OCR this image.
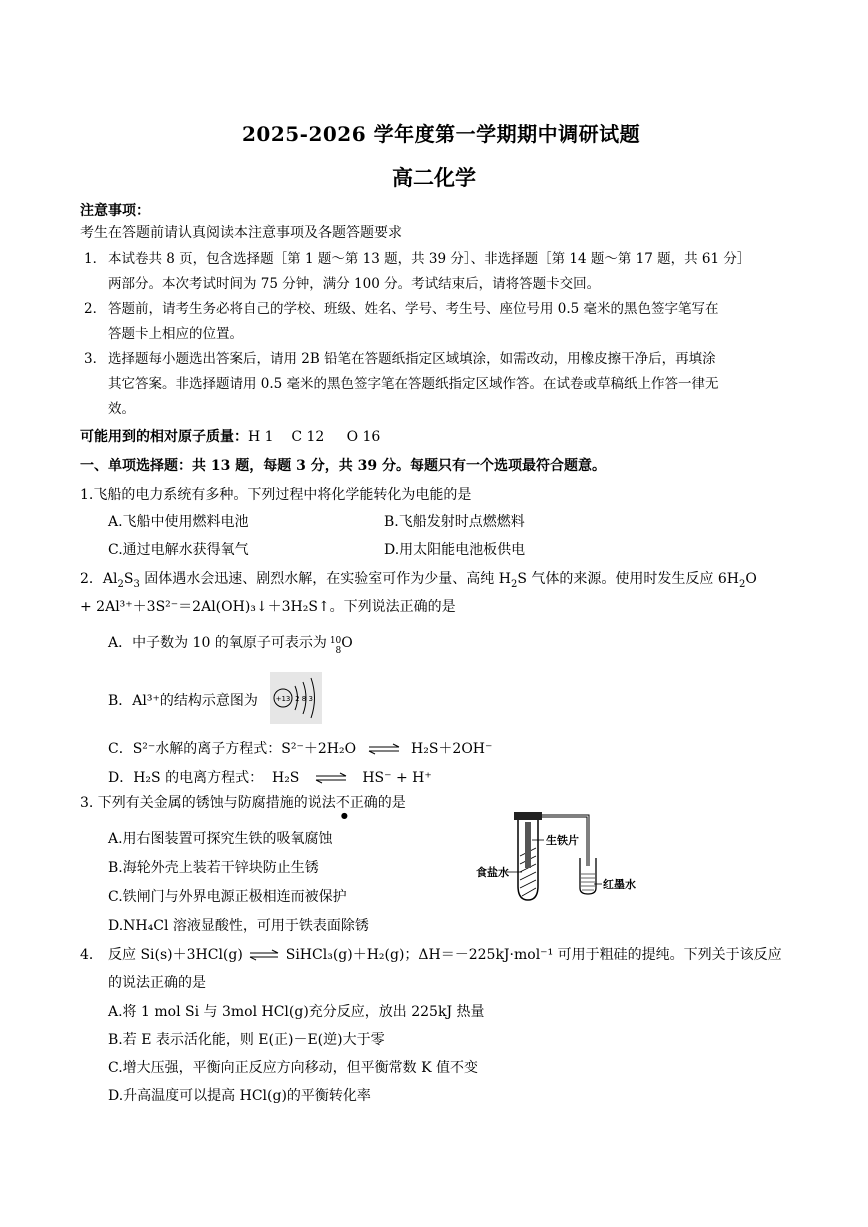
2025-2026 学年度第一学期期中调研试题
高二化学
注意事项：
考生在答题前请认真阅读本注意事项及各题答题要求
1． 本试卷共 8 页，包含选择题［第 1 题～第 13 题，共 39 分］、非选择题［第 14 题～第 17 题，共 61 分］
两部分。本次考试时间为 75 分钟，满分 100 分。考试结束后，请将答题卡交回。
2． 答题前，请考生务必将自己的学校、班级、姓名、学号、考生号、座位号用 0.5 毫米的黑色签字笔写在
答题卡上相应的位置。
3． 选择题每小题选出答案后，请用 2B 铅笔在答题纸指定区域填涂，如需改动，用橡皮擦干净后，再填涂
其它答案。非选择题请用 0.5 毫米的黑色签字笔在答题纸指定区域作答。在试卷或草稿纸上作答一律无
效。
可能用到的相对原子质量：H 1    C 12     O 16
一、单项选择题：共 13 题，每题 3 分，共 39 分。每题只有一个选项最符合题意。
1.飞船的电力系统有多种。下列过程中将化学能转化为电能的是
A.飞船中使用燃料电池	B.飞船发射时点燃燃料
C.通过电解水获得氧气	D.用太阳能电池板供电
2．$Al_2S_3$ 固体遇水会迅速、剧烈水解，在实验室可作为少量、高纯 $H_2S$ 气体的来源。使用时发生反应 $6H_2O$
+ 2Al³⁺＋3S²⁻＝2Al(OH)₃↓＋3H₂S↑。下列说法正确的是
A．中子数为 10 的氧原子可表示为 10
8 O
B．Al³⁺的结构示意图为	+13 2 8 3
C．S²⁻水解的离子方程式：S²⁻＋2H₂O ⇌ H₂S＋2OH⁻
D．H₂S 的电离方程式：  H₂S ⇌ HS⁻ + H⁺
3. 下列有关金属的锈蚀与防腐措施的说法不
●
正确的是
A.用右图装置可探究生铁的吸氧腐蚀
B.海轮外壳上装若干锌块防止生锈
C.铁闸门与外界电源正极相连而被保护
D.NH₄Cl 溶液显酸性，可用于铁表面除锈
生铁片
食盐水
红墨水
4． 反应 Si(s)＋3HCl(g) ⇌ SiHCl₃(g)＋H₂(g)；ΔH＝－225kJ·mol⁻¹ 可用于粗硅的提纯。下列关于该反应
的说法正确的是
A.将 1 mol Si 与 3mol HCl(g)充分反应，放出 225kJ 热量
B.若 E 表示活化能，则 E(正)－E(逆)大于零
C.增大压强，平衡向正反应方向移动，但平衡常数 K 值不变
D.升高温度可以提高 HCl(g)的平衡转化率
